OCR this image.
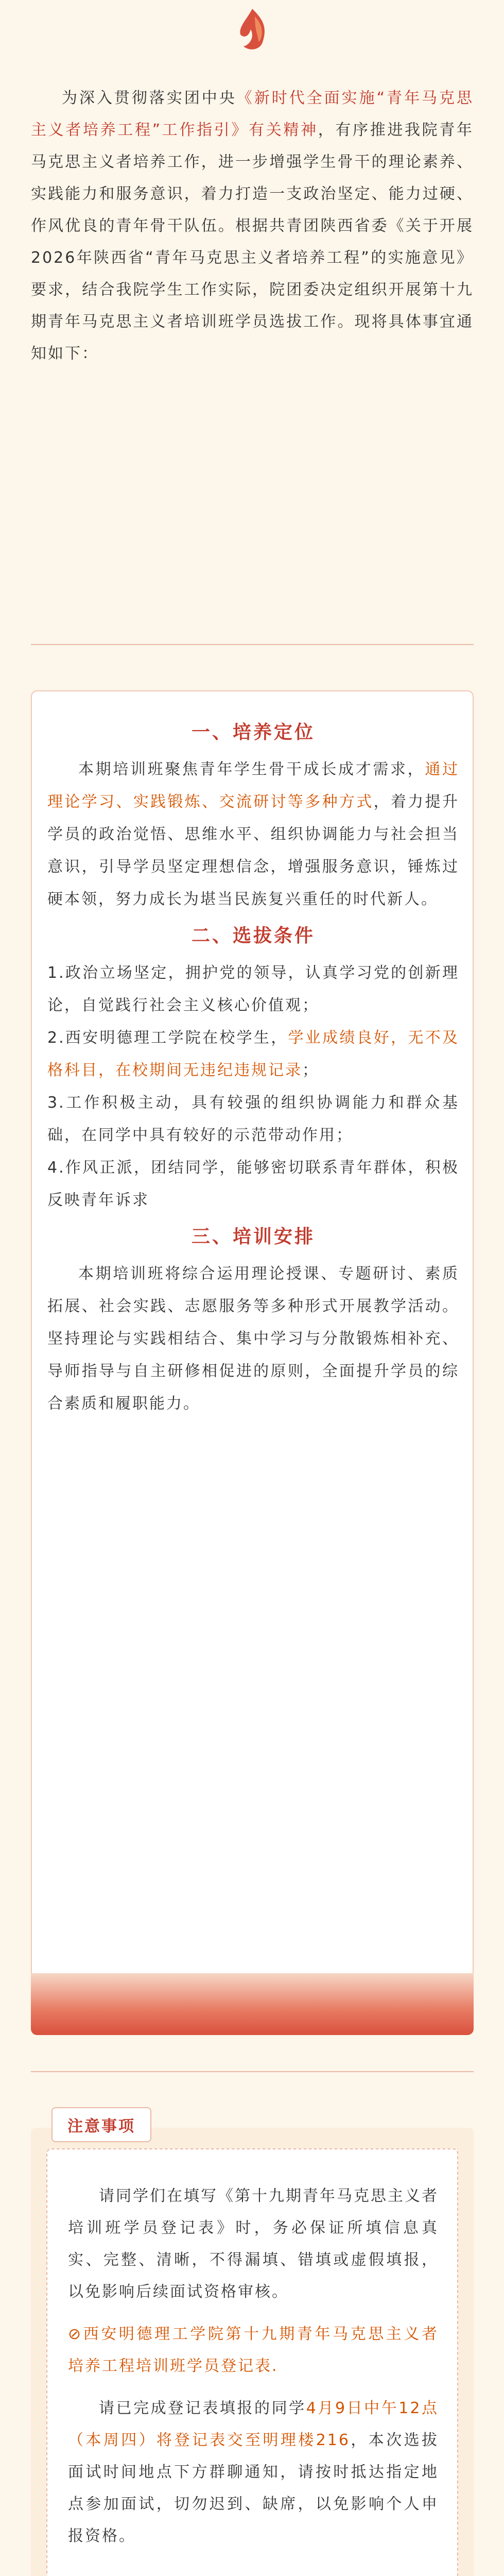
为深入贯彻落实团中央《新时代全面实施“青年马克思主义者培养工程”工作指引》有关精神，有序推进我院青年马克思主义者培养工作，进一步增强学生骨干的理论素养、实践能力和服务意识，着力打造一支政治坚定、能力过硬、作风优良的青年骨干队伍。根据共青团陕西省委《关于开展2026年陕西省“青年马克思主义者培养工程”的实施意见》要求，结合我院学生工作实际，院团委决定组织开展第十九期青年马克思主义者培训班学员选拔工作。现将具体事宜通知如下：
一、培养定位

本期培训班聚焦青年学生骨干成长成才需求，通过理论学习、实践锻炼、交流研讨等多种方式，着力提升学员的政治觉悟、思维水平、组织协调能力与社会担当意识，引导学员坚定理想信念，增强服务意识，锤炼过硬本领，努力成长为堪当民族复兴重任的时代新人。

二、选拔条件

1.政治立场坚定，拥护党的领导，认真学习党的创新理论，自觉践行社会主义核心价值观；

2.西安明德理工学院在校学生，学业成绩良好，无不及格科目，在校期间无违纪违规记录；

3.工作积极主动，具有较强的组织协调能力和群众基础，在同学中具有较好的示范带动作用；

4.作风正派，团结同学，能够密切联系青年群体，积极反映青年诉求

三、培训安排

本期培训班将综合运用理论授课、专题研讨、素质拓展、社会实践、志愿服务等多种形式开展教学活动。坚持理论与实践相结合、集中学习与分散锻炼相补充、导师指导与自主研修相促进的原则，全面提升学员的综合素质和履职能力。

注意事项

请同学们在填写《第十九期青年马克思主义者培训班学员登记表》时，务必保证所填信息真实、完整、清晰，不得漏填、错填或虚假填报，以免影响后续面试资格审核。

⊘西安明德理工学院第十九期青年马克思主义者培养工程培训班学员登记表.

请已完成登记表填报的同学4月9日中午12点（本周四）将登记表交至明理楼216，本次选拔面试时间地点下方群聊通知，请按时抵达指定地点参加面试，切勿迟到、缺席，以免影响个人申报资格。
